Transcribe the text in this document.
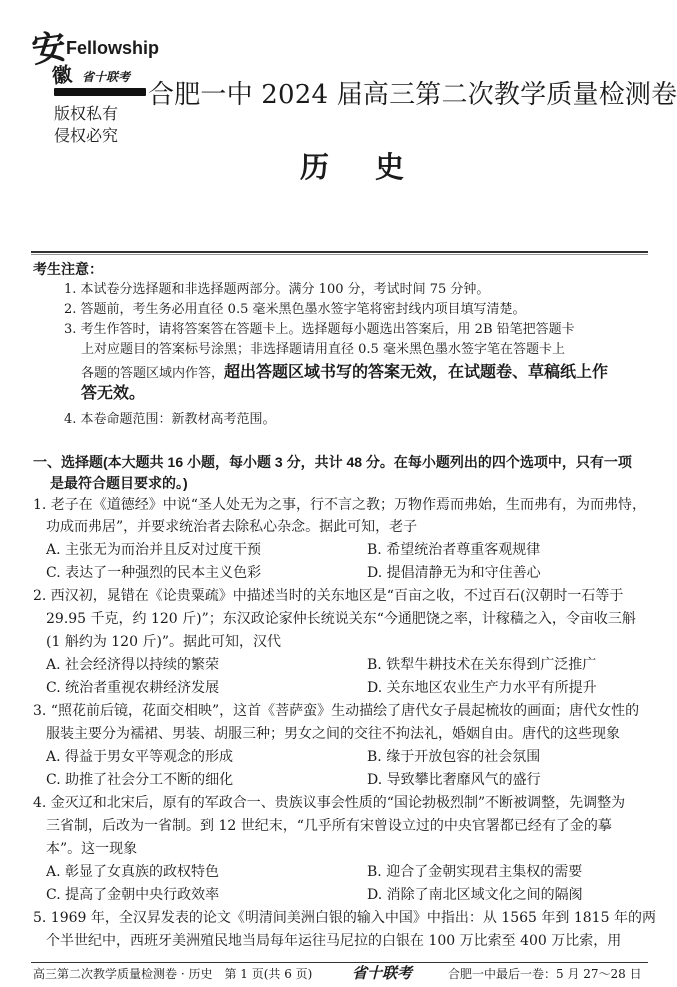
安
Fellowship
徽 省十联考
版权私有
侵权必究
合肥一中 2024 届高三第二次教学质量检测卷
历史
考生注意：
1. 本试卷分选择题和非选择题两部分。满分 100 分，考试时间 75 分钟。
2. 答题前，考生务必用直径 0.5 毫米黑色墨水签字笔将密封线内项目填写清楚。
3. 考生作答时，请将答案答在答题卡上。选择题每小题选出答案后，用 2B 铅笔把答题卡
上对应题目的答案标号涂黑；非选择题请用直径 0.5 毫米黑色墨水签字笔在答题卡上
各题的答题区域内作答，超出答题区域书写的答案无效，在试题卷、草稿纸上作
答无效。
4. 本卷命题范围：新教材高考范围。
一、选择题(本大题共 16 小题，每小题 3 分，共计 48 分。在每小题列出的四个选项中，只有一项
是最符合题目要求的。)
1. 老子在《道德经》中说“圣人处无为之事，行不言之教；万物作焉而弗始，生而弗有，为而弗恃，
功成而弗居”，并要求统治者去除私心杂念。据此可知，老子
A. 主张无为而治并且反对过度干预	B. 希望统治者尊重客观规律
C. 表达了一种强烈的民本主义色彩	D. 提倡清静无为和守住善心
2. 西汉初，晁错在《论贵粟疏》中描述当时的关东地区是“百亩之收，不过百石(汉朝时一石等于
29.95 千克，约 120 斤)”；东汉政论家仲长统说关东“今通肥饶之率，计稼穑之入，令亩收三斛
(1 斛约为 120 斤)”。据此可知，汉代
A. 社会经济得以持续的繁荣	B. 铁犁牛耕技术在关东得到广泛推广
C. 统治者重视农耕经济发展	D. 关东地区农业生产力水平有所提升
3. “照花前后镜，花面交相映”，这首《菩萨蛮》生动描绘了唐代女子晨起梳妆的画面；唐代女性的
服装主要分为襦裙、男装、胡服三种；男女之间的交往不拘法礼，婚姻自由。唐代的这些现象
A. 得益于男女平等观念的形成	B. 缘于开放包容的社会氛围
C. 助推了社会分工不断的细化	D. 导致攀比奢靡风气的盛行
4. 金灭辽和北宋后，原有的军政合一、贵族议事会性质的“国论勃极烈制”不断被调整，先调整为
三省制，后改为一省制。到 12 世纪末，“几乎所有宋曾设立过的中央官署都已经有了金的摹
本”。这一现象
A. 彰显了女真族的政权特色	B. 迎合了金朝实现君主集权的需要
C. 提高了金朝中央行政效率	D. 消除了南北区域文化之间的隔阂
5. 1969 年，全汉昇发表的论文《明清间美洲白银的输入中国》中指出：从 1565 年到 1815 年的两
个半世纪中，西班牙美洲殖民地当局每年运往马尼拉的白银在 100 万比索至 400 万比索，用
高三第二次教学质量检测卷 · 历史　第 1 页(共 6 页)	省十联考	合肥一中最后一卷：5 月 27～28 日
